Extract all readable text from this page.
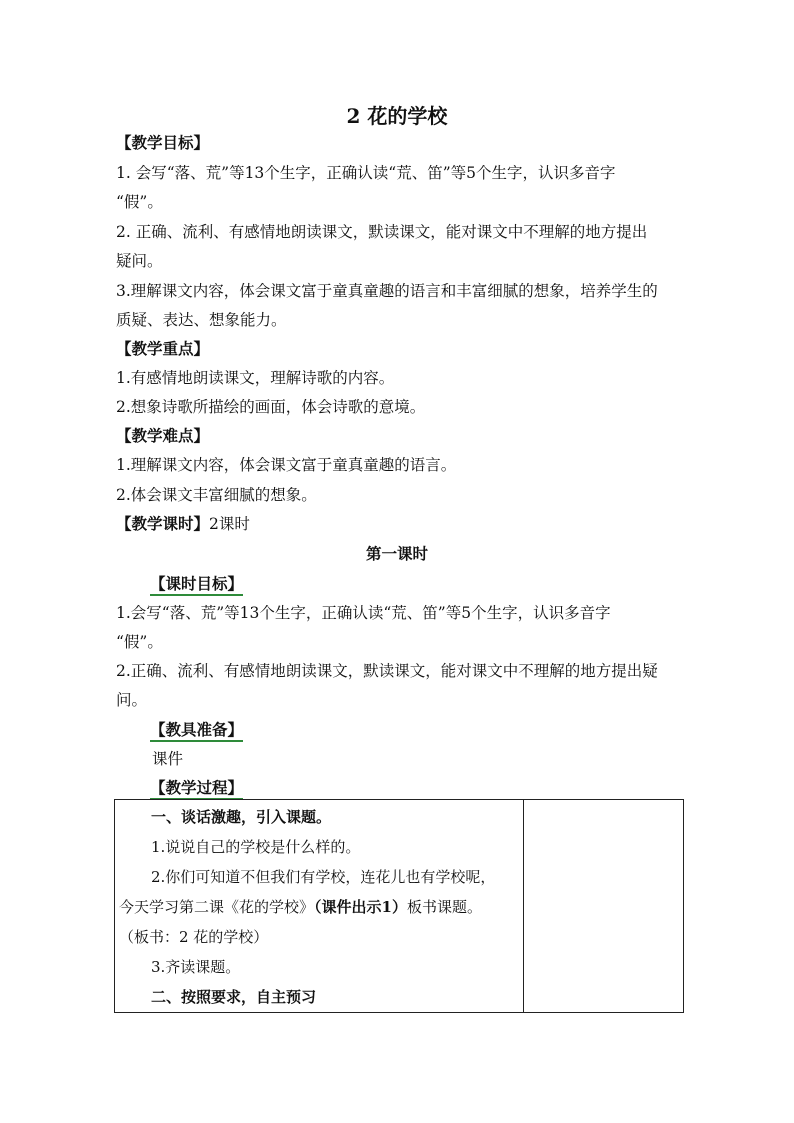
2 花的学校
【教学目标】
1. 会写“落、荒”等13个生字，正确认读“荒、笛”等5个生字，认识多音字
“假”。
2. 正确、流利、有感情地朗读课文，默读课文，能对课文中不理解的地方提出
疑问。
3.理解课文内容，体会课文富于童真童趣的语言和丰富细腻的想象，培养学生的
质疑、表达、想象能力。
【教学重点】
1.有感情地朗读课文，理解诗歌的内容。
2.想象诗歌所描绘的画面，体会诗歌的意境。
【教学难点】
1.理解课文内容，体会课文富于童真童趣的语言。
2.体会课文丰富细腻的想象。
【教学课时】2课时
第一课时
【课时目标】
1.会写“落、荒”等13个生字，正确认读“荒、笛”等5个生字，认识多音字
“假”。
2.正确、流利、有感情地朗读课文，默读课文，能对课文中不理解的地方提出疑
问。
【教具准备】
课件
【教学过程】
一、谈话激趣，引入课题。
1.说说自己的学校是什么样的。
2.你们可知道不但我们有学校，连花儿也有学校呢，
今天学习第二课《花的学校》（课件出示1）板书课题。
（板书：2 花的学校）
3.齐读课题。
二、按照要求，自主预习
